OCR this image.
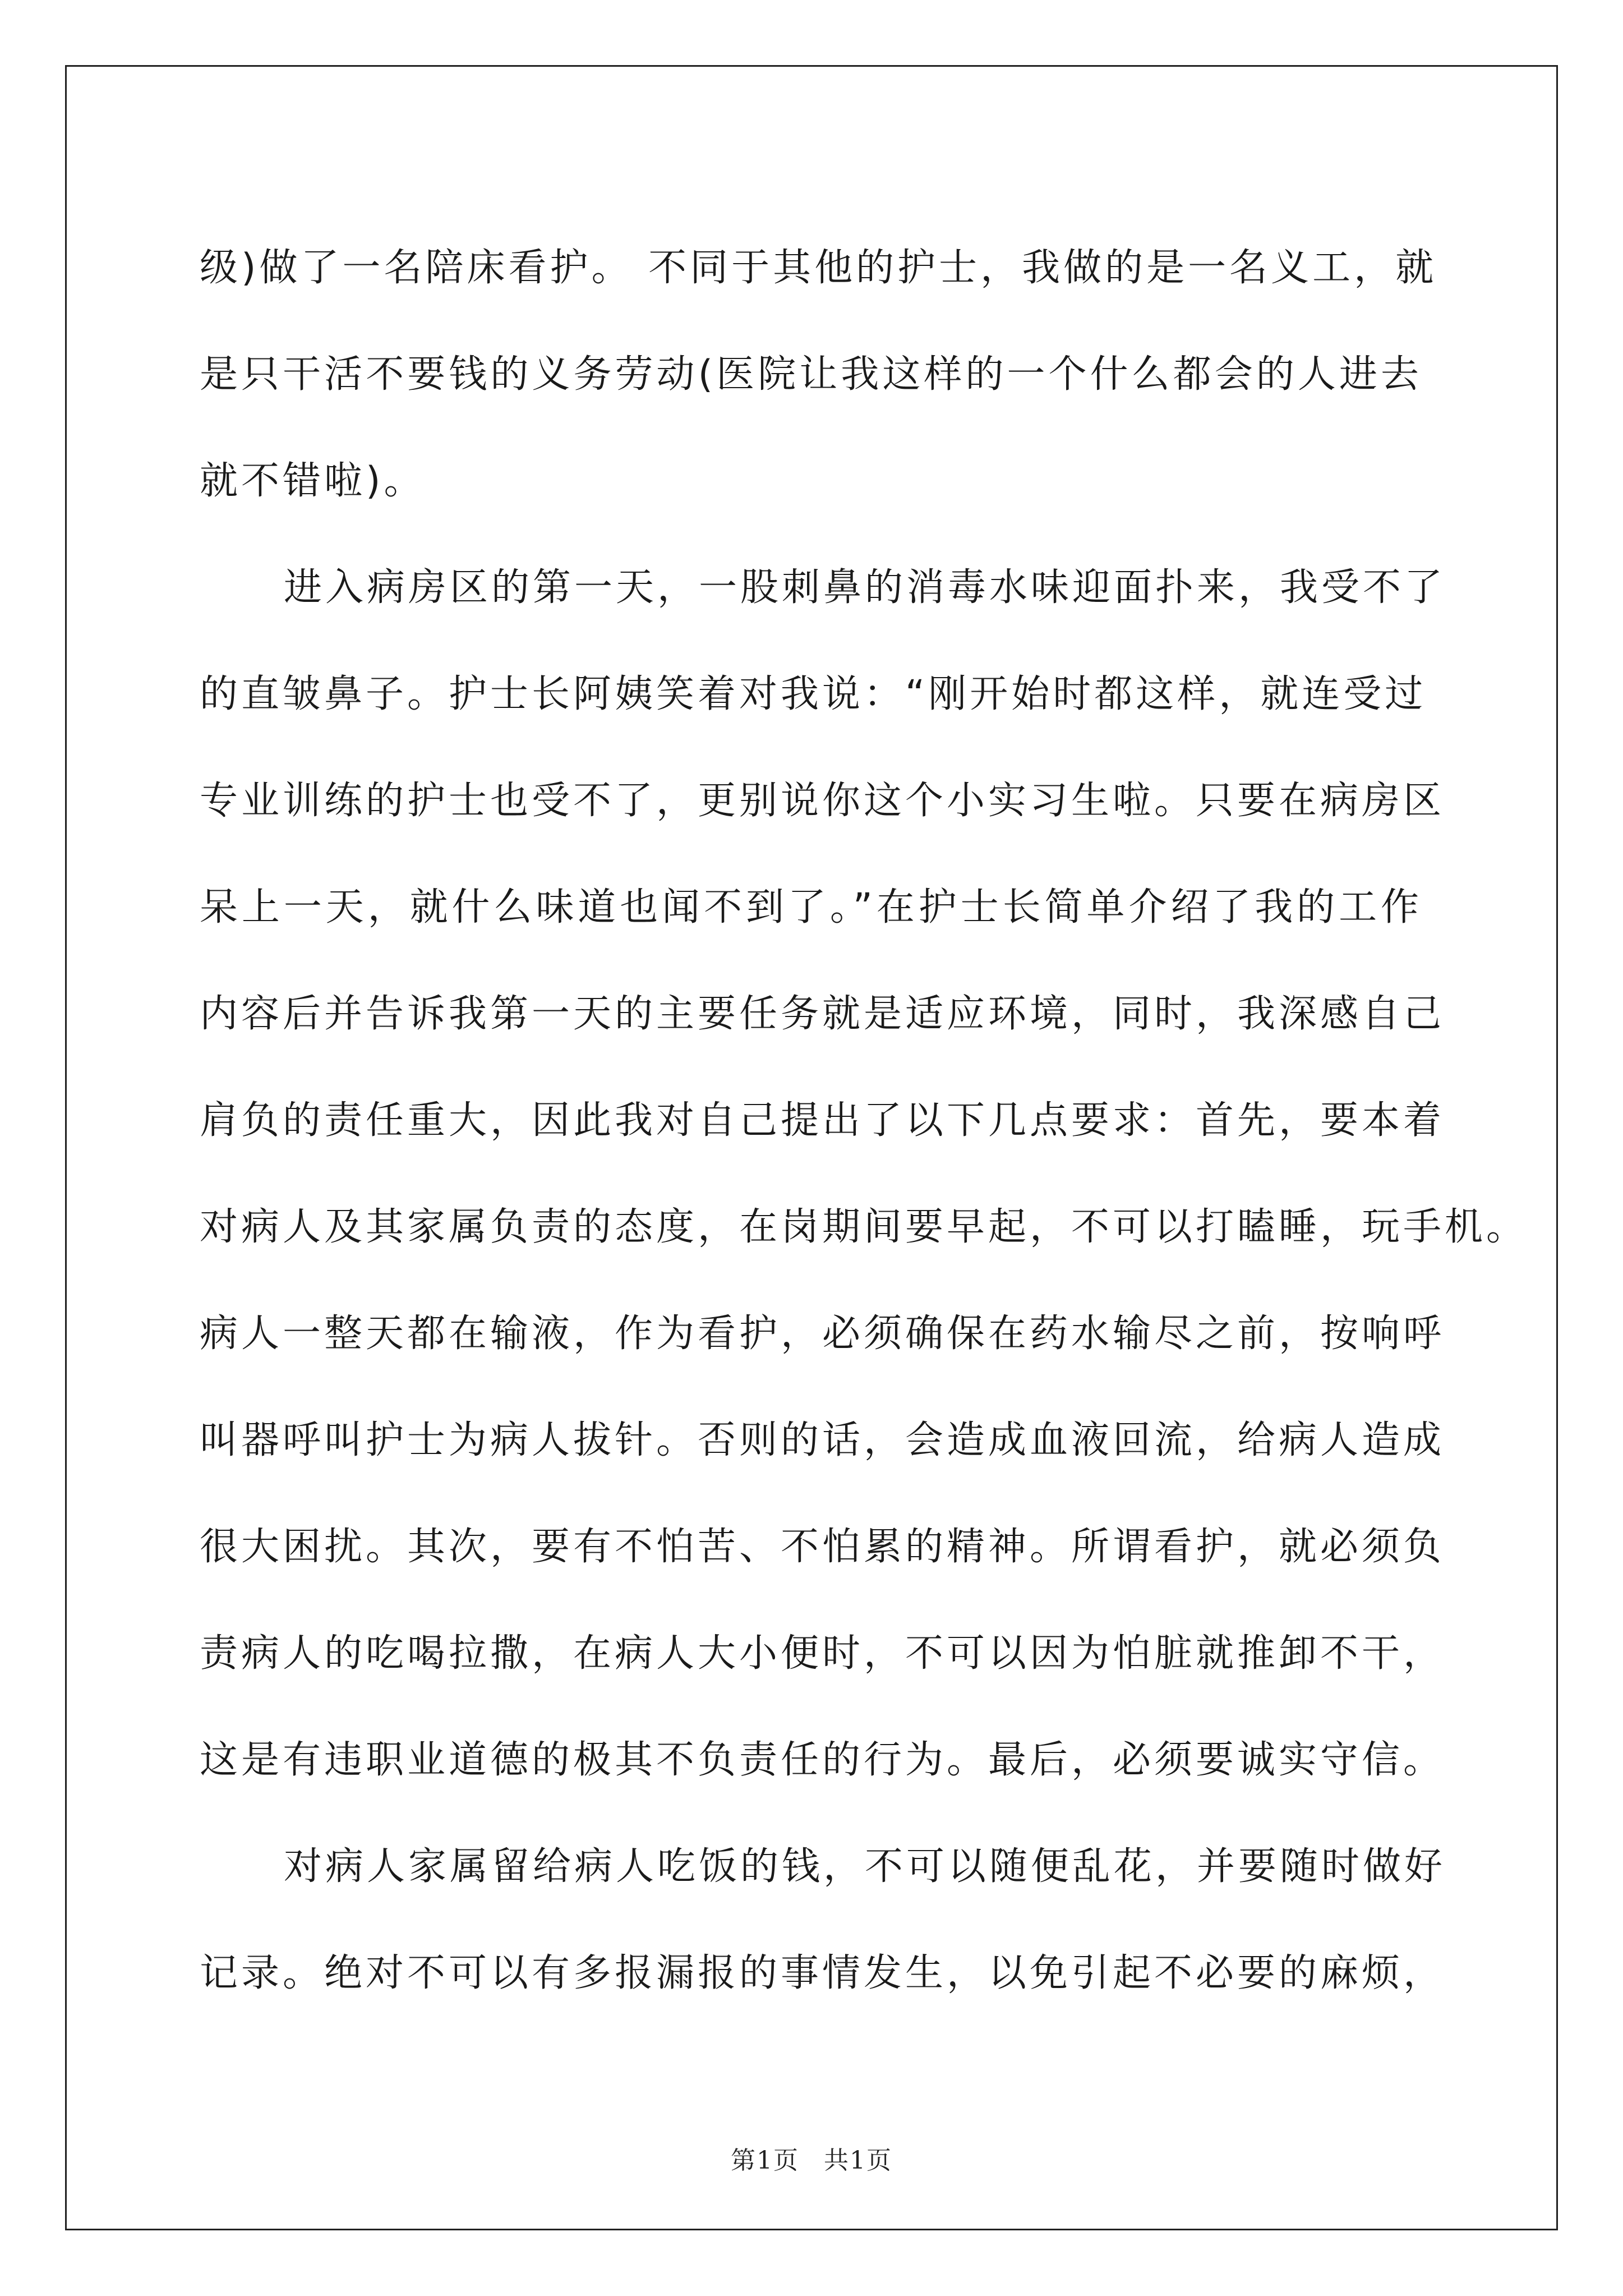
级)做了一名陪床看护。 不同于其他的护士，我做的是一名义工，就
是只干活不要钱的义务劳动(医院让我这样的一个什么都会的人进去
就不错啦)。
进入病房区的第一天，一股刺鼻的消毒水味迎面扑来，我受不了
的直皱鼻子。护士长阿姨笑着对我说：“刚开始时都这样，就连受过
专业训练的护士也受不了，更别说你这个小实习生啦。只要在病房区
呆上一天，就什么味道也闻不到了。”在护士长简单介绍了我的工作
内容后并告诉我第一天的主要任务就是适应环境，同时，我深感自己
肩负的责任重大，因此我对自己提出了以下几点要求：首先，要本着
对病人及其家属负责的态度，在岗期间要早起，不可以打瞌睡，玩手机。
病人一整天都在输液，作为看护，必须确保在药水输尽之前，按响呼
叫器呼叫护士为病人拔针。否则的话，会造成血液回流，给病人造成
很大困扰。其次，要有不怕苦、不怕累的精神。所谓看护，就必须负
责病人的吃喝拉撒，在病人大小便时，不可以因为怕脏就推卸不干，
这是有违职业道德的极其不负责任的行为。最后，必须要诚实守信。
对病人家属留给病人吃饭的钱，不可以随便乱花，并要随时做好
记录。绝对不可以有多报漏报的事情发生，以免引起不必要的麻烦，
第1页 共1页
